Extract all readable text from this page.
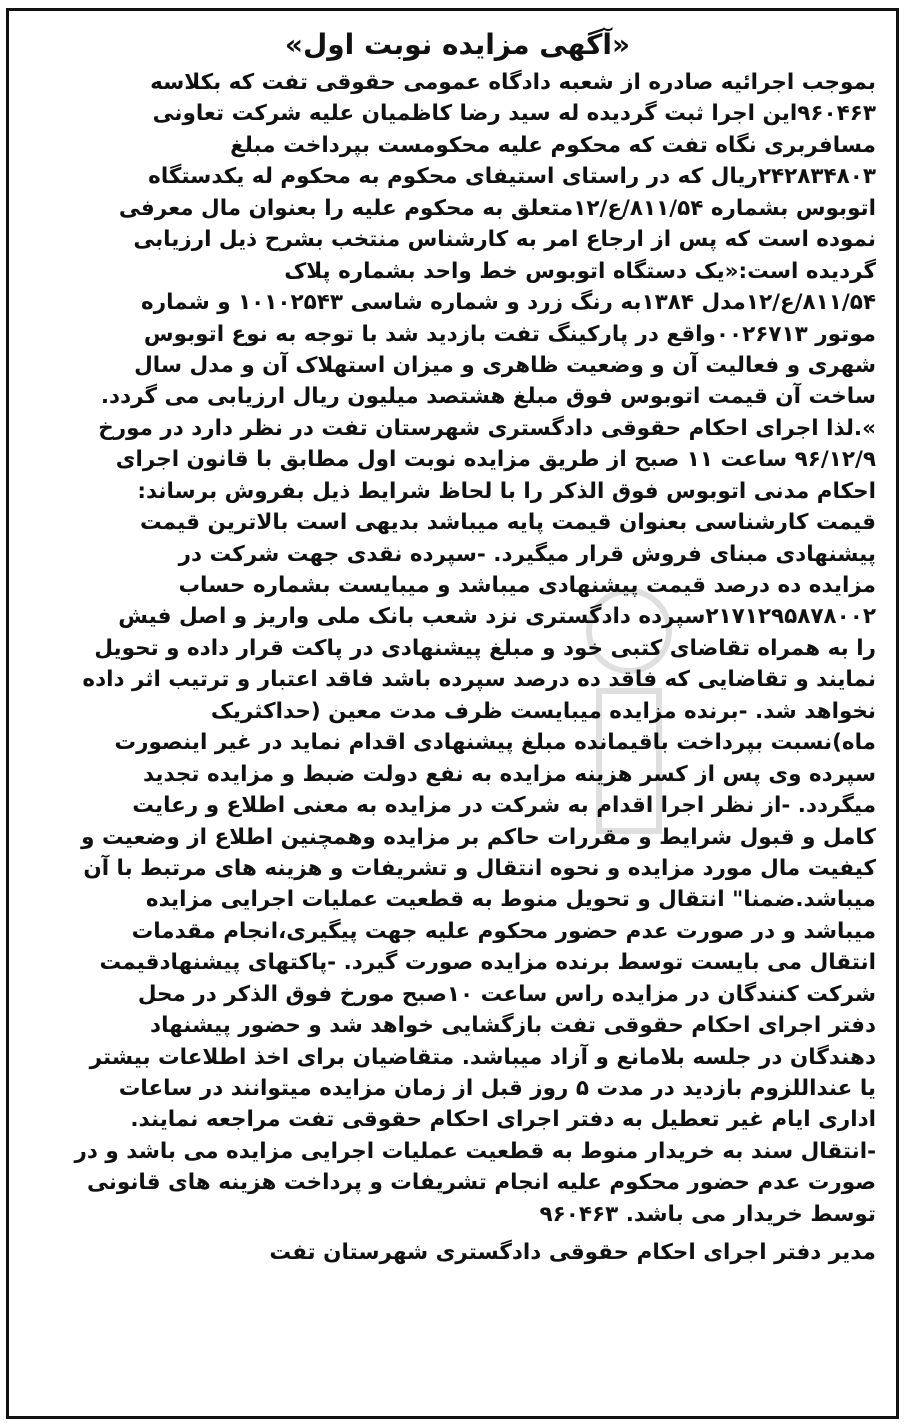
«آگهی مزایده نوبت اول»
بموجب اجرائیه صادره از شعبه دادگاه عمومی حقوقی تفت که بکلاسه
۹۶۰۴۶۳این اجرا ثبت گردیده له سید رضا کاظمیان علیه شرکت تعاونی
مسافربری نگاه تفت که محکوم علیه محکومست بپرداخت مبلغ
۲۴۲۸۳۴۸۰۳ریال که در راستای استیفای محکوم به محکوم له یکدستگاه
اتوبوس بشماره ۸۱۱/۵۴/ع/۱۲متعلق به محکوم علیه را بعنوان مال معرفی
نموده است که پس از ارجاع امر به کارشناس منتخب بشرح ذیل ارزیابی
گردیده است:«یک دستگاه اتوبوس خط واحد بشماره پلاک
۸۱۱/۵۴/ع/۱۲مدل ۱۳۸۴به رنگ زرد و شماره شاسی ۱۰۱۰۲۵۴۳ و شماره
موتور ۰۰۲۶۷۱۳واقع در پارکینگ تفت بازدید شد با توجه به نوع اتوبوس
شهری و فعالیت آن و وضعیت ظاهری و میزان استهلاک آن و مدل سال
ساخت آن قیمت اتوبوس فوق مبلغ هشتصد میلیون ریال ارزیابی می گردد.
».لذا اجرای احکام حقوقی دادگستری شهرستان تفت در نظر دارد در مورخ
۹۶/۱۲/۹ ساعت ۱۱ صبح از طریق مزایده نوبت اول مطابق با قانون اجرای
احکام مدنی اتوبوس فوق الذکر را با لحاظ شرایط ذیل بفروش برساند:
قیمت کارشناسی بعنوان قیمت پایه میباشد بدیهی است بالاترین قیمت
پیشنهادی مبنای فروش قرار میگیرد. -سپرده نقدی جهت شرکت در
مزایده ده درصد قیمت پیشنهادی میباشد و میبایست بشماره حساب
۲۱۷۱۲۹۵۸۷۸۰۰۲سپرده دادگستری نزد شعب بانک ملی واریز و اصل فیش
را به همراه تقاضای کتبی خود و مبلغ پیشنهادی در پاکت قرار داده و تحویل
نمایند و تقاضایی که فاقد ده درصد سپرده باشد فاقد اعتبار و ترتیب اثر داده
نخواهد شد. -برنده مزایده میبایست ظرف مدت معین (حداکثریک
ماه)نسبت بپرداخت باقیمانده مبلغ پیشنهادی اقدام نماید در غیر اینصورت
سپرده وی پس از کسر هزینه مزایده به نفع دولت ضبط و مزایده تجدید
میگردد. -از نظر اجرا اقدام به شرکت در مزایده به معنی اطلاع و رعایت
کامل و قبول شرایط و مقررات حاکم بر مزایده وهمچنین اطلاع از وضعیت و
کیفیت مال مورد مزایده و نحوه انتقال و تشریفات و هزینه های مرتبط با آن
میباشد.ضمنا" انتقال و تحویل منوط به قطعیت عملیات اجرایی مزایده
میباشد و در صورت عدم حضور محکوم علیه جهت پیگیری،انجام مقدمات
انتقال می بایست توسط برنده مزایده صورت گیرد. -پاکتهای پیشنهادقیمت
شرکت کنندگان در مزایده راس ساعت ۱۰صبح مورخ فوق الذکر در محل
دفتر اجرای احکام حقوقی تفت بازگشایی خواهد شد و حضور پیشنهاد
دهندگان در جلسه بلامانع و آزاد میباشد. متقاضیان برای اخذ اطلاعات بیشتر
یا عنداللزوم بازدید در مدت ۵ روز قبل از زمان مزایده میتوانند در ساعات
اداری ایام غیر تعطیل به دفتر اجرای احکام حقوقی تفت مراجعه نمایند.
-انتقال سند به خریدار منوط به قطعیت عملیات اجرایی مزایده می باشد و در
صورت عدم حضور محکوم علیه انجام تشریفات و پرداخت هزینه های قانونی
توسط خریدار می باشد. ۹۶۰۴۶۳
مدیر دفتر اجرای احکام حقوقی دادگستری شهرستان تفت
